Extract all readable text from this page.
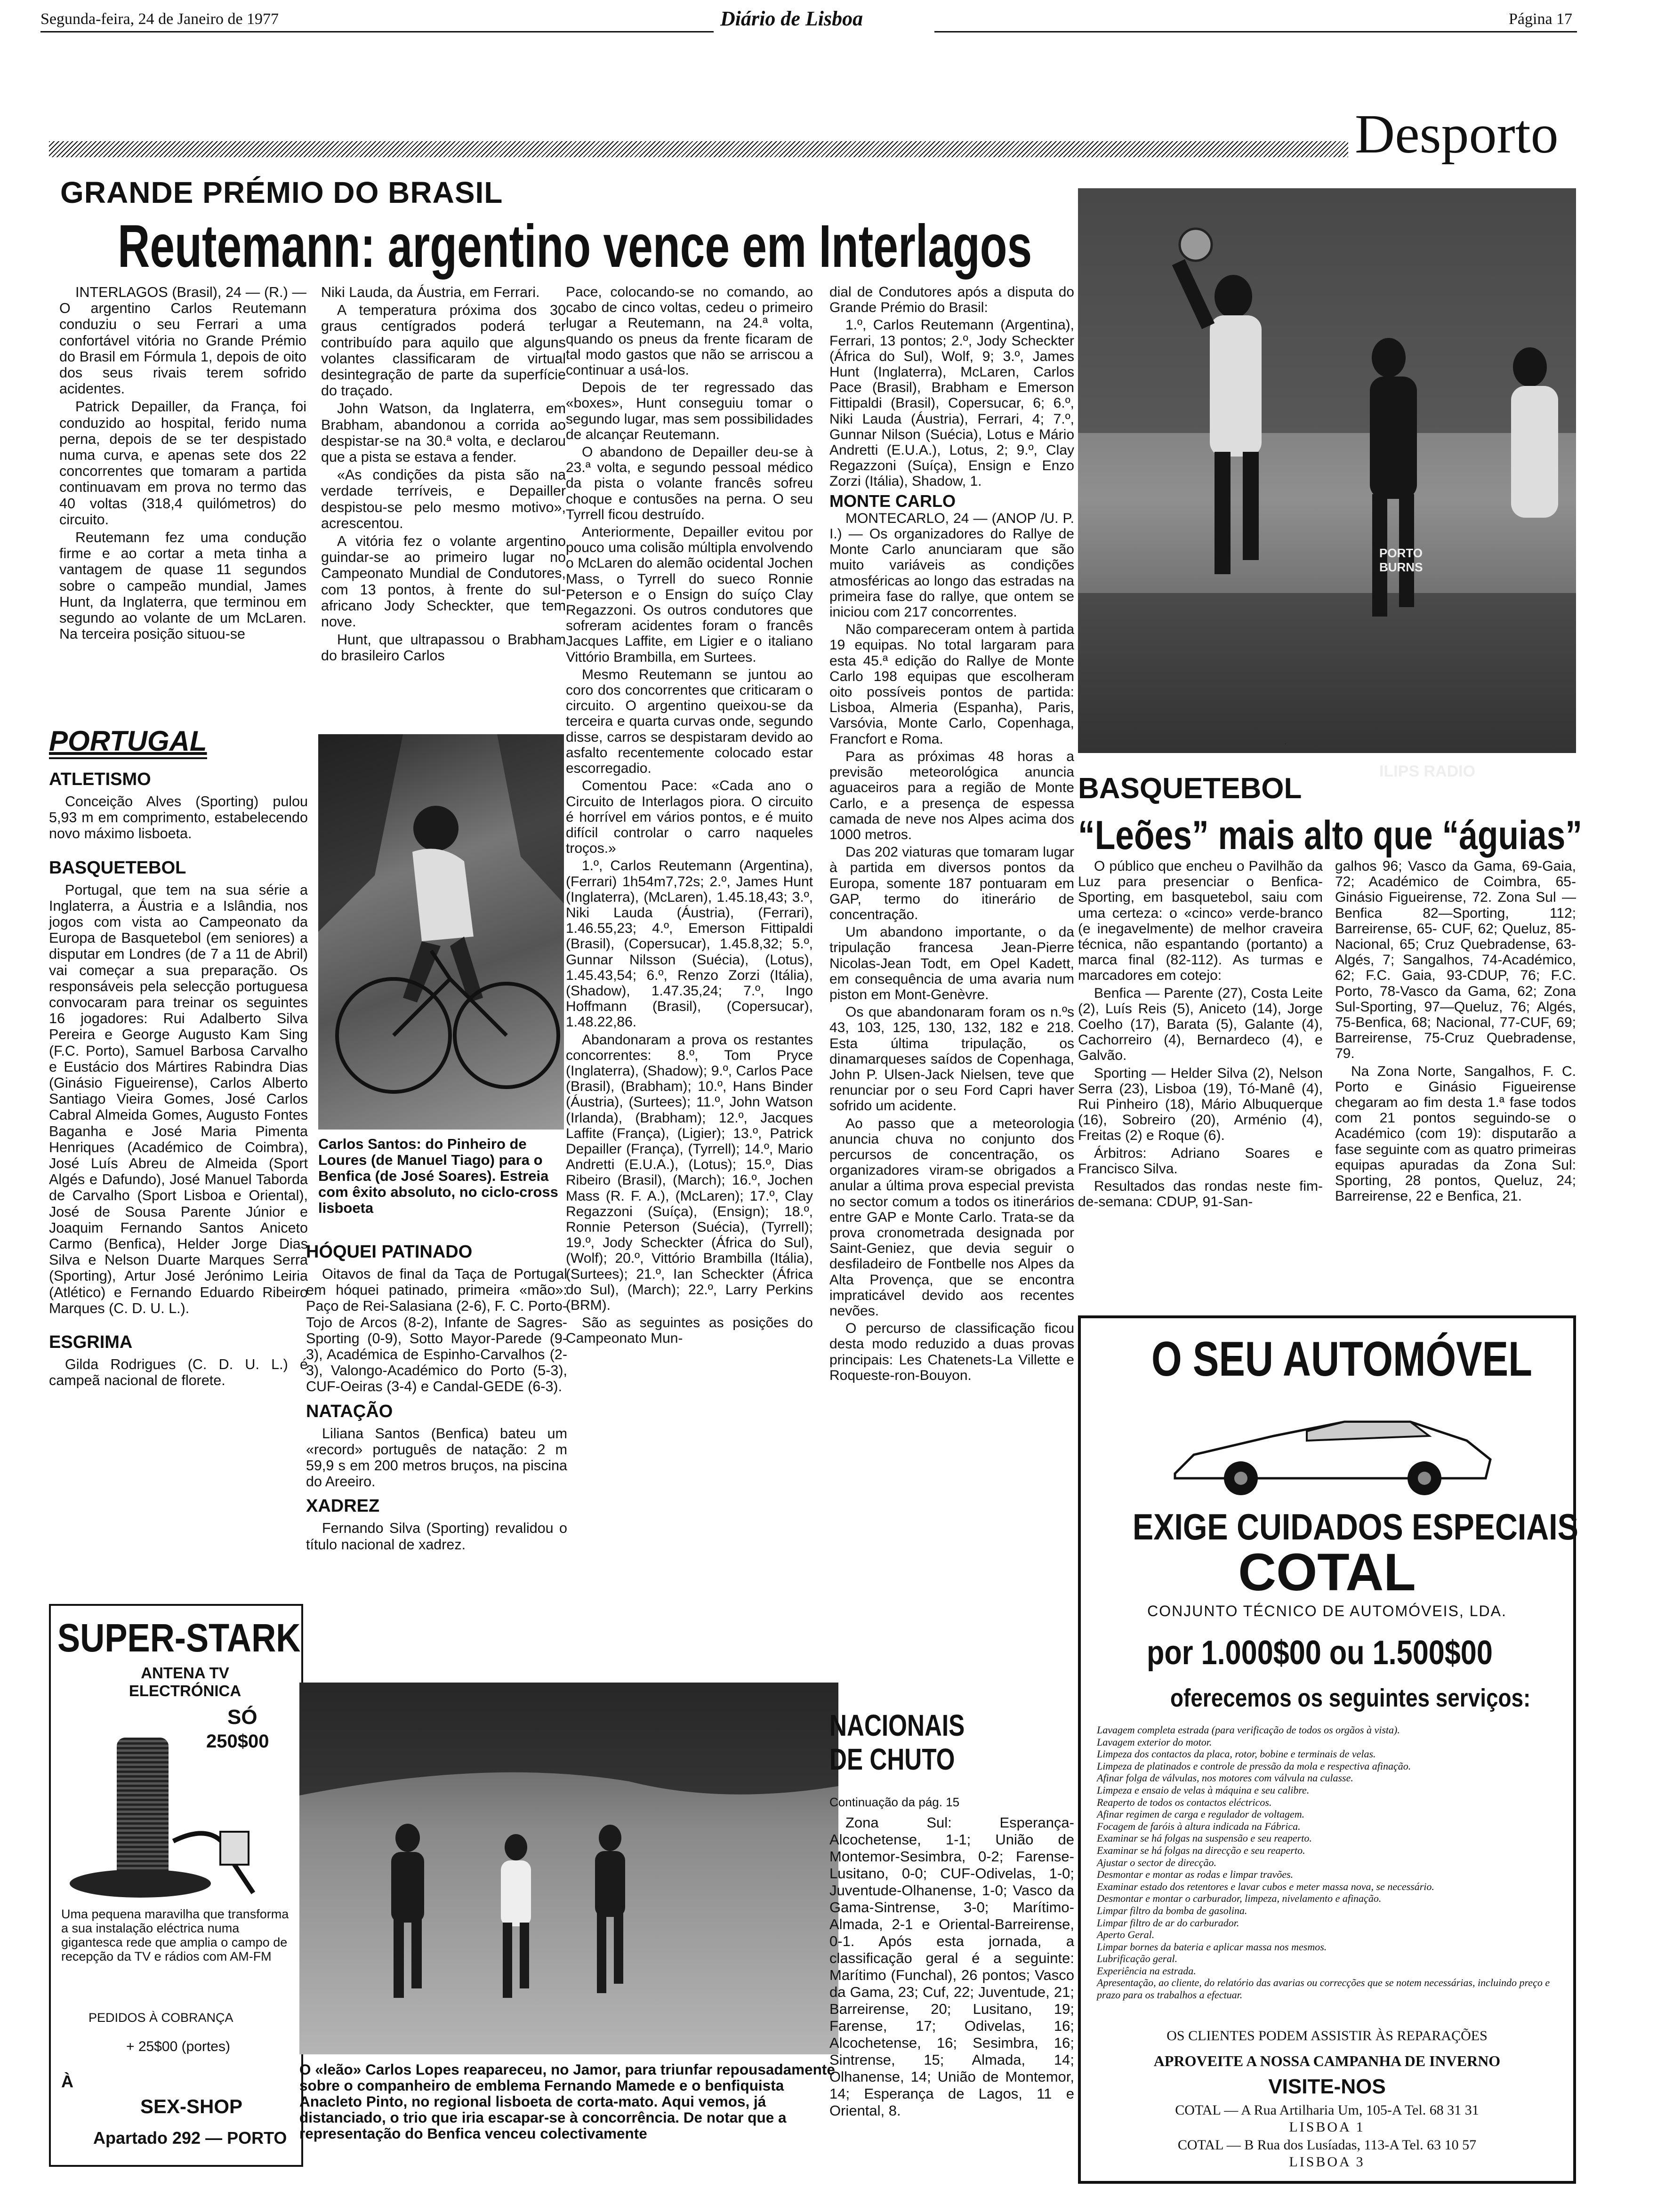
Segunda-feira, 24 de Janeiro de 1977	Diário de Lisboa	Página 17
Desporto
GRANDE PRÉMIO DO BRASIL
Reutemann: argentino vence em Interlagos

INTERLAGOS (Brasil), 24 — (R.) — O argentino Carlos Reutemann conduziu o seu Ferrari a uma confortável vitória no Grande Prémio do Brasil em Fórmula 1, depois de oito dos seus rivais terem sofrido acidentes.

Patrick Depailler, da França, foi conduzido ao hospital, ferido numa perna, depois de se ter despistado numa curva, e apenas sete dos 22 concorrentes que tomaram a partida continuavam em prova no termo das 40 voltas (318,4 quilómetros) do circuito.

Reutemann fez uma condução firme e ao cortar a meta tinha a vantagem de quase 11 segundos sobre o campeão mundial, James Hunt, da Inglaterra, que terminou em segundo ao volante de um McLaren. Na terceira posição situou-se

Niki Lauda, da Áustria, em Ferrari.

A temperatura próxima dos 30 graus centígrados poderá ter contribuído para aquilo que alguns volantes classificaram de virtual desintegração de parte da superfície do traçado.

John Watson, da Inglaterra, em Brabham, abandonou a corrida ao despistar-se na 30.ª volta, e declarou que a pista se estava a fender.

«As condições da pista são na verdade terríveis, e Depailler despistou-se pelo mesmo motivo», acrescentou.

A vitória fez o volante argentino guindar-se ao primeiro lugar no Campeonato Mundial de Condutores, com 13 pontos, à frente do sul-africano Jody Scheckter, que tem nove.

Hunt, que ultrapassou o Brabham do brasileiro Carlos

Pace, colocando-se no comando, ao cabo de cinco voltas, cedeu o primeiro lugar a Reutemann, na 24.ª volta, quando os pneus da frente ficaram de tal modo gastos que não se arriscou a continuar a usá-los.

Depois de ter regressado das «boxes», Hunt conseguiu tomar o segundo lugar, mas sem possibilidades de alcançar Reutemann.

O abandono de Depailler deu-se à 23.ª volta, e segundo pessoal médico da pista o volante francês sofreu choque e contusões na perna. O seu Tyrrell ficou destruído.

Anteriormente, Depailler evitou por pouco uma colisão múltipla envolvendo o McLaren do alemão ocidental Jochen Mass, o Tyrrell do sueco Ronnie Peterson e o Ensign do suíço Clay Regazzoni. Os outros condutores que sofreram acidentes foram o francês Jacques Laffite, em Ligier e o italiano Vittório Brambilla, em Surtees.

Mesmo Reutemann se juntou ao coro dos concorrentes que criticaram o circuito. O argentino queixou-se da terceira e quarta curvas onde, segundo disse, carros se despistaram devido ao asfalto recentemente colocado estar escorregadio.

Comentou Pace: «Cada ano o Circuito de Interlagos piora. O circuito é horrível em vários pontos, e é muito difícil controlar o carro naqueles troços.»

1.º, Carlos Reutemann (Argentina), (Ferrari) 1h54m7,72s; 2.º, James Hunt (Inglaterra), (McLaren), 1.45.18,43; 3.º, Niki Lauda (Áustria), (Ferrari), 1.46.55,23; 4.º, Emerson Fittipaldi (Brasil), (Copersucar), 1.45.8,32; 5.º, Gunnar Nilsson (Suécia), (Lotus), 1.45.43,54; 6.º, Renzo Zorzi (Itália), (Shadow), 1.47.35,24; 7.º, Ingo Hoffmann (Brasil), (Copersucar), 1.48.22,86.

Abandonaram a prova os restantes concorrentes: 8.º, Tom Pryce (Inglaterra), (Shadow); 9.º, Carlos Pace (Brasil), (Brabham); 10.º, Hans Binder (Áustria), (Surtees); 11.º, John Watson (Irlanda), (Brabham); 12.º, Jacques Laffite (França), (Ligier); 13.º, Patrick Depailler (França), (Tyrrell); 14.º, Mario Andretti (E.U.A.), (Lotus); 15.º, Dias Ribeiro (Brasil), (March); 16.º, Jochen Mass (R. F. A.), (McLaren); 17.º, Clay Regazzoni (Suíça), (Ensign); 18.º, Ronnie Peterson (Suécia), (Tyrrell); 19.º, Jody Scheckter (África do Sul), (Wolf); 20.º, Vittório Brambilla (Itália), (Surtees); 21.º, Ian Scheckter (África do Sul), (March); 22.º, Larry Perkins (BRM).

São as seguintes as posições do Campeonato Mun-

dial de Condutores após a disputa do Grande Prémio do Brasil:

1.º, Carlos Reutemann (Argentina), Ferrari, 13 pontos; 2.º, Jody Scheckter (África do Sul), Wolf, 9; 3.º, James Hunt (Inglaterra), McLaren, Carlos Pace (Brasil), Brabham e Emerson Fittipaldi (Brasil), Copersucar, 6; 6.º, Niki Lauda (Áustria), Ferrari, 4; 7.º, Gunnar Nilson (Suécia), Lotus e Mário Andretti (E.U.A.), Lotus, 2; 9.º, Clay Regazzoni (Suíça), Ensign e Enzo Zorzi (Itália), Shadow, 1.

MONTE CARLO

MONTECARLO, 24 — (ANOP /U. P. I.) — Os organizadores do Rallye de Monte Carlo anunciaram que são muito variáveis as condições atmosféricas ao longo das estradas na primeira fase do rallye, que ontem se iniciou com 217 concorrentes.

Não compareceram ontem à partida 19 equipas. No total largaram para esta 45.ª edição do Rallye de Monte Carlo 198 equipas que escolheram oito possíveis pontos de partida: Lisboa, Almeria (Espanha), Paris, Varsóvia, Monte Carlo, Copenhaga, Francfort e Roma.

Para as próximas 48 horas a previsão meteorológica anuncia aguaceiros para a região de Monte Carlo, e a presença de espessa camada de neve nos Alpes acima dos 1000 metros.

Das 202 viaturas que tomaram lugar à partida em diversos pontos da Europa, somente 187 pontuaram em GAP, termo do itinerário de concentração.

Um abandono importante, o da tripulação francesa Jean-Pierre Nicolas-Jean Todt, em Opel Kadett, em consequência de uma avaria num piston em Mont-Genèvre.

Os que abandonaram foram os n.ºs 43, 103, 125, 130, 132, 182 e 218. Esta última tripulação, os dinamarqueses saídos de Copenhaga, John P. Ulsen-Jack Nielsen, teve que renunciar por o seu Ford Capri haver sofrido um acidente.

Ao passo que a meteorologia anuncia chuva no conjunto dos percursos de concentração, os organizadores viram-se obrigados a anular a última prova especial prevista no sector comum a todos os itinerários entre GAP e Monte Carlo. Trata-se da prova cronometrada designada por Saint-Geniez, que devia seguir o desfiladeiro de Fontbelle nos Alpes da Alta Provença, que se encontra impraticável devido aos recentes nevões.

O percurso de classificação ficou desta modo reduzido a duas provas principais: Les Chatenets-La Villette e Roqueste-ron-Bouyon.

PORTUGAL
ATLETISMO

Conceição Alves (Sporting) pulou 5,93 m em comprimento, estabelecendo novo máximo lisboeta.

BASQUETEBOL

Portugal, que tem na sua série a Inglaterra, a Áustria e a Islândia, nos jogos com vista ao Campeonato da Europa de Basquetebol (em seniores) a disputar em Londres (de 7 a 11 de Abril) vai começar a sua preparação. Os responsáveis pela selecção portuguesa convocaram para treinar os seguintes 16 jogadores: Rui Adalberto Silva Pereira e George Augusto Kam Sing (F.C. Porto), Samuel Barbosa Carvalho e Eustácio dos Mártires Rabindra Dias (Ginásio Figueirense), Carlos Alberto Santiago Vieira Gomes, José Carlos Cabral Almeida Gomes, Augusto Fontes Baganha e José Maria Pimenta Henriques (Académico de Coimbra), José Luís Abreu de Almeida (Sport Algés e Dafundo), José Manuel Taborda de Carvalho (Sport Lisboa e Oriental), José de Sousa Parente Júnior e Joaquim Fernando Santos Aniceto Carmo (Benfica), Helder Jorge Dias Silva e Nelson Duarte Marques Serra (Sporting), Artur José Jerónimo Leiria (Atlético) e Fernando Eduardo Ribeiro Marques (C. D. U. L.).

ESGRIMA

Gilda Rodrigues (C. D. U. L.) é campeã nacional de florete.

Carlos Santos: do Pinheiro de Loures (de Manuel Tiago) para o Benfica (de José Soares). Estreia com êxito absoluto, no ciclo-cross lisboeta
HÓQUEI PATINADO

Oitavos de final da Taça de Portugal em hóquei patinado, primeira «mão»: Paço de Rei-Salasiana (2-6), F. C. Porto-Tojo de Arcos (8-2), Infante de Sagres-Sporting (0-9), Sotto Mayor-Parede (9-3), Académica de Espinho-Carvalhos (2-3), Valongo-Académico do Porto (5-3), CUF-Oeiras (3-4) e Candal-GEDE (6-3).

NATAÇÃO

Liliana Santos (Benfica) bateu um «record» português de natação: 2 m 59,9 s em 200 metros bruços, na piscina do Areeiro.

XADREZ

Fernando Silva (Sporting) revalidou o título nacional de xadrez.

SUPER-STARK
ANTENA TV ELECTRÓNICA
SÓ
250$00
Uma pequena maravilha que transforma a sua instalação eléctrica numa gigantesca rede que amplia o campo de recepção da TV e rádios com AM-FM
PEDIDOS À COBRANÇA
+ 25$00 (portes)
À
SEX-SHOP
Apartado 292 — PORTO
O «leão» Carlos Lopes reapareceu, no Jamor, para triunfar repousadamente sobre o companheiro de emblema Fernando Mamede e o benfiquista Anacleto Pinto, no regional lisboeta de corta-mato. Aqui vemos, já distanciado, o trio que iria escapar-se à concorrência. De notar que a representação do Benfica venceu colectivamente
NACIONAIS
DE CHUTO
Continuação da pág. 15

Zona Sul: Esperança-Alcochetense, 1-1; União de Montemor-Sesimbra, 0-2; Farense-Lusitano, 0-0; CUF-Odivelas, 1-0; Juventude-Olhanense, 1-0; Vasco da Gama-Sintrense, 3-0; Marítimo-Almada, 2-1 e Oriental-Barreirense, 0-1. Após esta jornada, a classificação geral é a seguinte: Marítimo (Funchal), 26 pontos; Vasco da Gama, 23; Cuf, 22; Juventude, 21; Barreirense, 20; Lusitano, 19; Farense, 17; Odivelas, 16; Alcochetense, 16; Sesimbra, 16; Sintrense, 15; Almada, 14; Olhanense, 14; União de Montemor, 14; Esperança de Lagos, 11 e Oriental, 8.

PORTO
BURNS
ILIPS RADIO
BASQUETEBOL
“Leões” mais alto que “águias”

O público que encheu o Pavilhão da Luz para presenciar o Benfica-Sporting, em basquetebol, saiu com uma certeza: o «cinco» verde-branco (e inegavelmente) de melhor craveira técnica, não espantando (portanto) a marca final (82-112). As turmas e marcadores em cotejo:

Benfica — Parente (27), Costa Leite (2), Luís Reis (5), Aniceto (14), Jorge Coelho (17), Barata (5), Galante (4), Cachorreiro (4), Bernardeco (4), e Galvão.

Sporting — Helder Silva (2), Nelson Serra (23), Lisboa (19), Tó-Manê (4), Rui Pinheiro (18), Mário Albuquerque (16), Sobreiro (20), Arménio (4), Freitas (2) e Roque (6).

Árbitros: Adriano Soares e Francisco Silva.

Resultados das rondas neste fim-de-semana: CDUP, 91-San-

galhos 96; Vasco da Gama, 69-Gaia, 72; Académico de Coimbra, 65-Ginásio Figueirense, 72. Zona Sul — Benfica 82—Sporting, 112; Barreirense, 65- CUF, 62; Queluz, 85-Nacional, 65; Cruz Quebradense, 63-Algés, 7; Sangalhos, 74-Académico, 62; F.C. Gaia, 93-CDUP, 76; F.C. Porto, 78-Vasco da Gama, 62; Zona Sul-Sporting, 97—Queluz, 76; Algés, 75-Benfica, 68; Nacional, 77-CUF, 69; Barreirense, 75-Cruz Quebradense, 79.

Na Zona Norte, Sangalhos, F. C. Porto e Ginásio Figueirense chegaram ao fim desta 1.ª fase todos com 21 pontos seguindo-se o Académico (com 19): disputarão a fase seguinte com as quatro primeiras equipas apuradas da Zona Sul: Sporting, 28 pontos, Queluz, 24; Barreirense, 22 e Benfica, 21.

O SEU AUTOMÓVEL
EXIGE CUIDADOS ESPECIAIS
COTAL
CONJUNTO TÉCNICO DE AUTOMÓVEIS, LDA.
por 1.000$00 ou 1.500$00
oferecemos os seguintes serviços:
Lavagem completa estrada (para verificação de todos os orgãos à vista).
Lavagem exterior do motor.
Limpeza dos contactos da placa, rotor, bobine e terminais de velas.
Limpeza de platinados e controle de pressão da mola e respectiva afinação.
Afinar folga de válvulas, nos motores com válvula na culasse.
Limpeza e ensaio de velas à máquina e seu calibre.
Reaperto de todos os contactos eléctricos.
Afinar regimen de carga e regulador de voltagem.
Focagem de faróis à altura indicada na Fábrica.
Examinar se há folgas na suspensão e seu reaperto.
Examinar se há folgas na direcção e seu reaperto.
Ajustar o sector de direcção.
Desmontar e montar as rodas e limpar travões.
Examinar estado dos retentores e lavar cubos e meter massa nova, se necessário.
Desmontar e montar o carburador, limpeza, nivelamento e afinação.
Limpar filtro da bomba de gasolina.
Limpar filtro de ar do carburador.
Aperto Geral.
Limpar bornes da bateria e aplicar massa nos mesmos.
Lubrificação geral.
Experiência na estrada.
Apresentação, ao cliente, do relatório das avarias ou correcções que se notem necessárias, incluindo preço e prazo para os trabalhos a efectuar.
OS CLIENTES PODEM ASSISTIR ÀS REPARAÇÕES
APROVEITE A NOSSA CAMPANHA DE INVERNO
VISITE-NOS
COTAL — A Rua Artilharia Um, 105-A Tel. 68 31 31
LISBOA 1
COTAL — B Rua dos Lusíadas, 113-A Tel. 63 10 57
LISBOA 3
